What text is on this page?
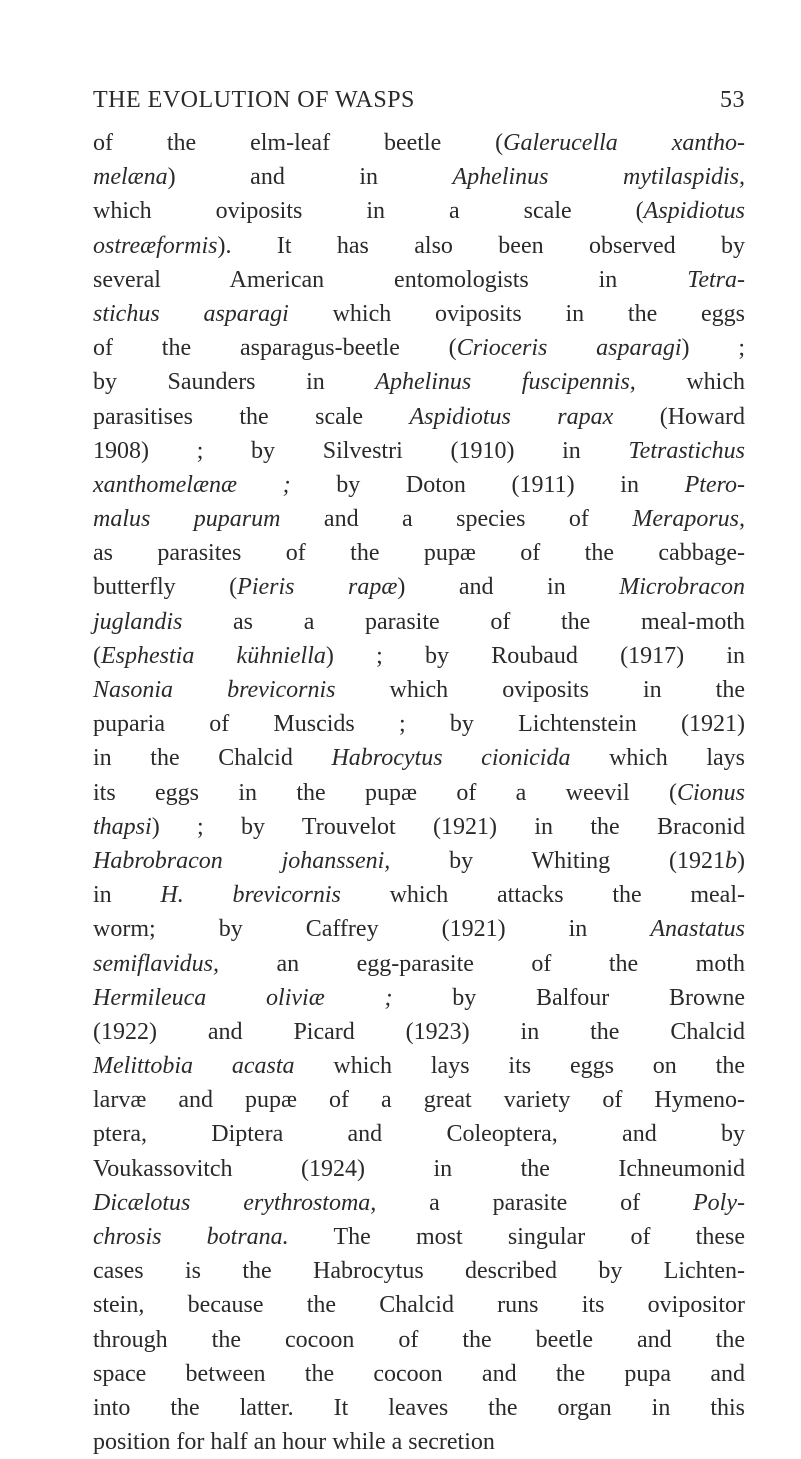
THE EVOLUTION OF WASPS	53
of the elm-leaf beetle (Galerucella xantho-
melæna) and in Aphelinus mytilaspidis,
which oviposits in a scale (Aspidiotus
ostreæformis). It has also been observed by
several American entomologists in Tetra-
stichus asparagi which oviposits in the eggs
of the asparagus-beetle (Crioceris asparagi) ;
by Saunders in Aphelinus fuscipennis, which
parasitises the scale Aspidiotus rapax (Howard
1908) ; by Silvestri (1910) in Tetrastichus
xanthomelænæ ; by Doton (1911) in Ptero-
malus puparum and a species of Meraporus,
as parasites of the pupæ of the cabbage-
butterfly (Pieris rapæ) and in Microbracon
juglandis as a parasite of the meal-moth
(Esphestia kühniella) ; by Roubaud (1917) in
Nasonia brevicornis which oviposits in the
puparia of Muscids ; by Lichtenstein (1921)
in the Chalcid Habrocytus cionicida which lays
its eggs in the pupæ of a weevil (Cionus
thapsi) ; by Trouvelot (1921) in the Braconid
Habrobracon johansseni, by Whiting (1921b)
in H. brevicornis which attacks the meal-
worm; by Caffrey (1921) in Anastatus
semiflavidus, an egg-parasite of the moth
Hermileuca oliviæ ; by Balfour Browne
(1922) and Picard (1923) in the Chalcid
Melittobia acasta which lays its eggs on the
larvæ and pupæ of a great variety of Hymeno-
ptera, Diptera and Coleoptera, and by
Voukassovitch (1924) in the Ichneumonid
Dicælotus erythrostoma, a parasite of Poly-
chrosis botrana. The most singular of these
cases is the Habrocytus described by Lichten-
stein, because the Chalcid runs its ovipositor
through the cocoon of the beetle and the
space between the cocoon and the pupa and
into the latter. It leaves the organ in this
position for half an hour while a secretion
